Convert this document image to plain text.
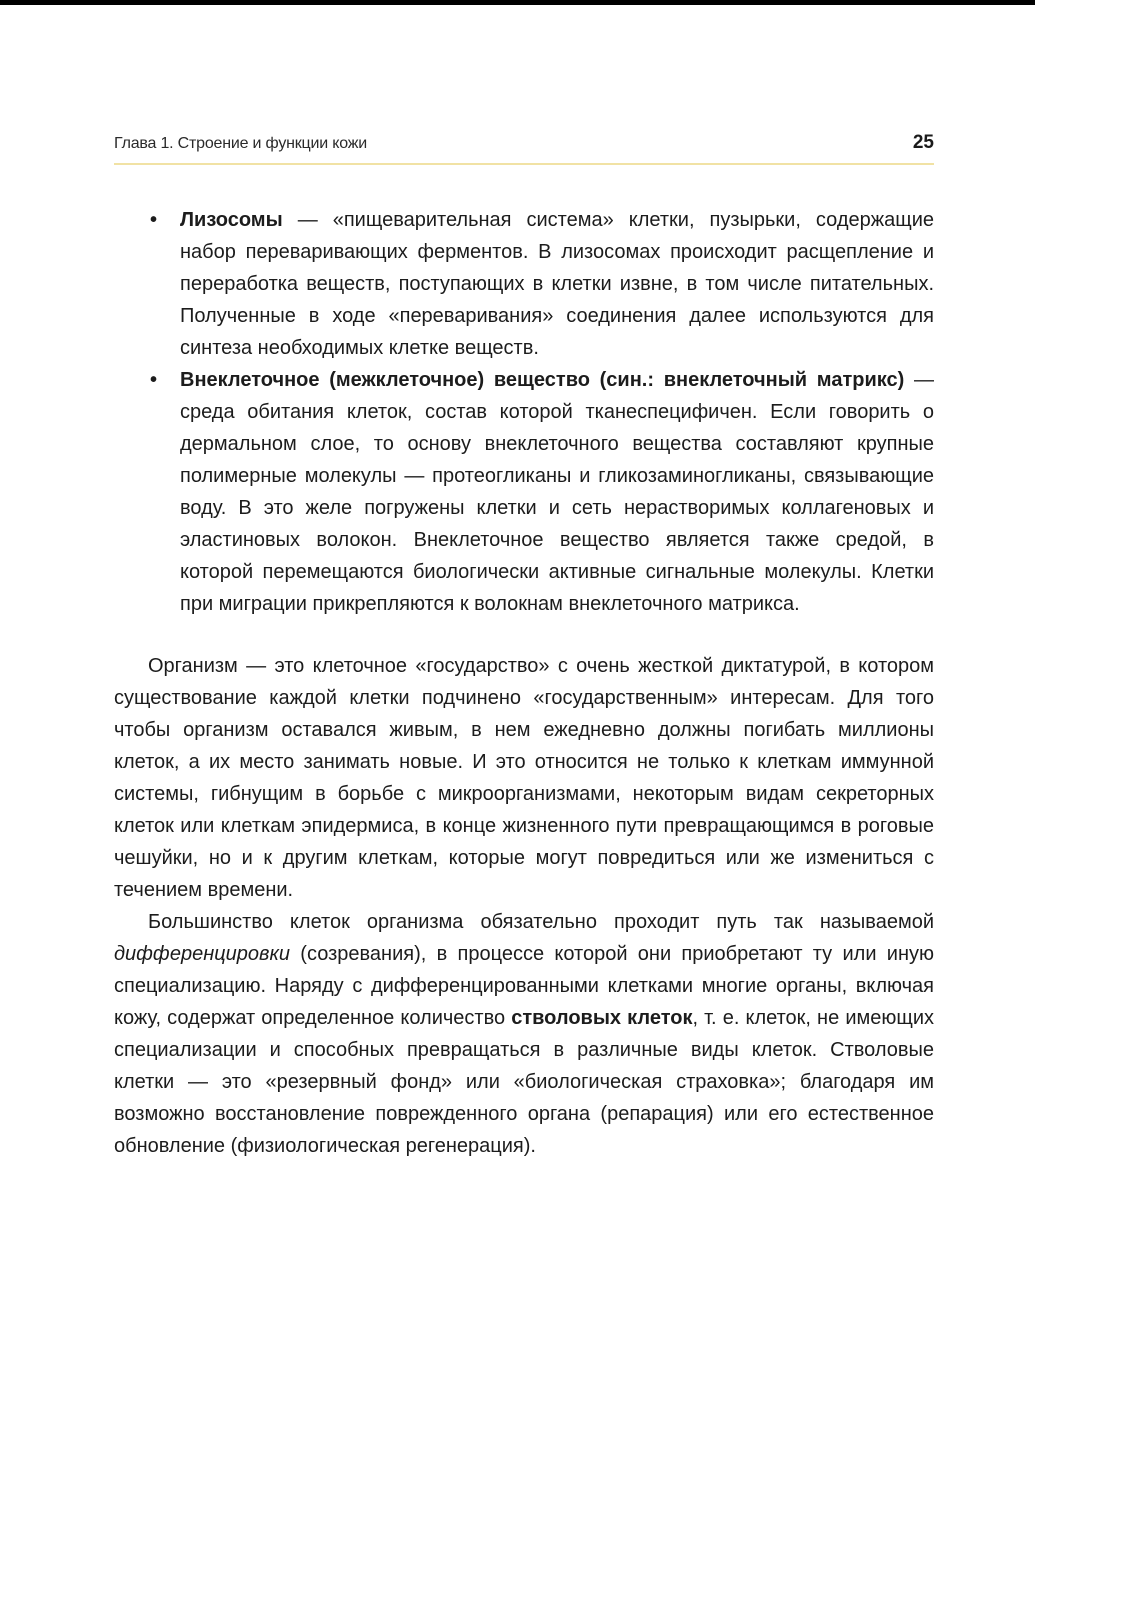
Глава 1. Строение и функции кожи	25
• Лизосомы — «пищеварительная система» клетки, пузырьки, содержащие набор переваривающих ферментов. В лизосомах происходит расщепление и переработка веществ, поступающих в клетки извне, в том числе питательных. Полученные в ходе «переваривания» соединения далее используются для синтеза необходимых клетке веществ.
• Внеклеточное (межклеточное) вещество (син.: внеклеточный матрикс) — среда обитания клеток, состав которой тканеспецифичен. Если говорить о дермальном слое, то основу внеклеточного вещества составляют крупные полимерные молекулы — протеогликаны и гликозаминогликаны, связывающие воду. В это желе погружены клетки и сеть нерастворимых коллагеновых и эластиновых волокон. Внеклеточное вещество является также средой, в которой перемещаются биологически активные сигнальные молекулы. Клетки при миграции прикрепляются к волокнам внеклеточного матрикса.

Организм — это клеточное «государство» с очень жесткой диктатурой, в котором существование каждой клетки подчинено «государственным» интересам. Для того чтобы организм оставался живым, в нем ежедневно должны погибать миллионы клеток, а их место занимать новые. И это относится не только к клеткам иммунной системы, гибнущим в борьбе с микроорганизмами, некоторым видам секреторных клеток или клеткам эпидермиса, в конце жизненного пути превращающимся в роговые чешуйки, но и к другим клеткам, которые могут повредиться или же измениться с течением времени.

Большинство клеток организма обязательно проходит путь так называемой дифференцировки (созревания), в процессе которой они приобретают ту или иную специализацию. Наряду с дифференцированными клетками многие органы, включая кожу, содержат определенное количество стволовых клеток, т. е. клеток, не имеющих специализации и способных превращаться в различные виды клеток. Стволовые клетки — это «резервный фонд» или «биологическая страховка»; благодаря им возможно восстановление поврежденного органа (репарация) или его естественное обновление (физиологическая регенерация).
